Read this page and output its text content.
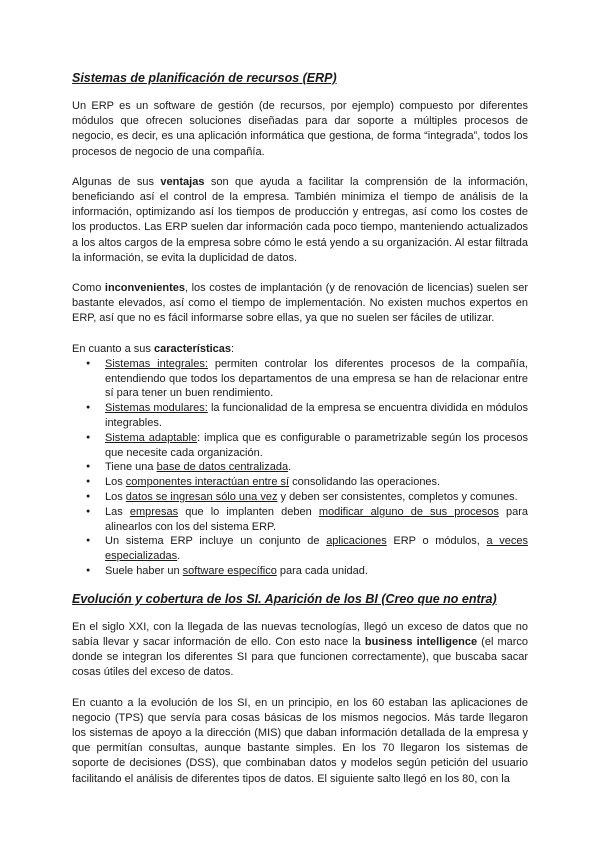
Sistemas de planificación de recursos (ERP)

Un ERP es un software de gestión (de recursos, por ejemplo) compuesto por diferentes módulos que ofrecen soluciones diseñadas para dar soporte a múltiples procesos de negocio, es decir, es una aplicación informática que gestiona, de forma “integrada”, todos los procesos de negocio de una compañía.

Algunas de sus ventajas son que ayuda a facilitar la comprensión de la información, beneficiando así el control de la empresa. También minimiza el tiempo de análisis de la información, optimizando así los tiempos de producción y entregas, así como los costes de los productos. Las ERP suelen dar información cada poco tiempo, manteniendo actualizados a los altos cargos de la empresa sobre cómo le está yendo a su organización. Al estar filtrada la información, se evita la duplicidad de datos.

Como inconvenientes, los costes de implantación (y de renovación de licencias) suelen ser bastante elevados, así como el tiempo de implementación. No existen muchos expertos en ERP, así que no es fácil informarse sobre ellas, ya que no suelen ser fáciles de utilizar.

En cuanto a sus características:

● Sistemas integrales: permiten controlar los diferentes procesos de la compañía, entendiendo que todos los departamentos de una empresa se han de relacionar entre sí para tener un buen rendimiento.
● Sistemas modulares: la funcionalidad de la empresa se encuentra dividida en módulos integrables.
● Sistema adaptable: implica que es configurable o parametrizable según los procesos que necesite cada organización.
● Tiene una base de datos centralizada.
● Los componentes interactúan entre sí consolidando las operaciones.
● Los datos se ingresan sólo una vez y deben ser consistentes, completos y comunes.
● Las empresas que lo implanten deben modificar alguno de sus procesos para alinearlos con los del sistema ERP.
● Un sistema ERP incluye un conjunto de aplicaciones ERP o módulos, a veces especializadas.
● Suele haber un software específico para cada unidad.
Evolución y cobertura de los SI. Aparición de los BI (Creo que no entra)

En el siglo XXI, con la llegada de las nuevas tecnologías, llegó un exceso de datos que no sabía llevar y sacar información de ello. Con esto nace la business intelligence (el marco donde se integran los diferentes SI para que funcionen correctamente), que buscaba sacar cosas útiles del exceso de datos.

En cuanto a la evolución de los SI, en un principio, en los 60 estaban las aplicaciones de negocio (TPS) que servía para cosas básicas de los mismos negocios. Más tarde llegaron los sistemas de apoyo a la dirección (MIS) que daban información detallada de la empresa y que permitían consultas, aunque bastante simples. En los 70 llegaron los sistemas de soporte de decisiones (DSS), que combinaban datos y modelos según petición del usuario facilitando el análisis de diferentes tipos de datos. El siguiente salto llegó en los 80, con la
